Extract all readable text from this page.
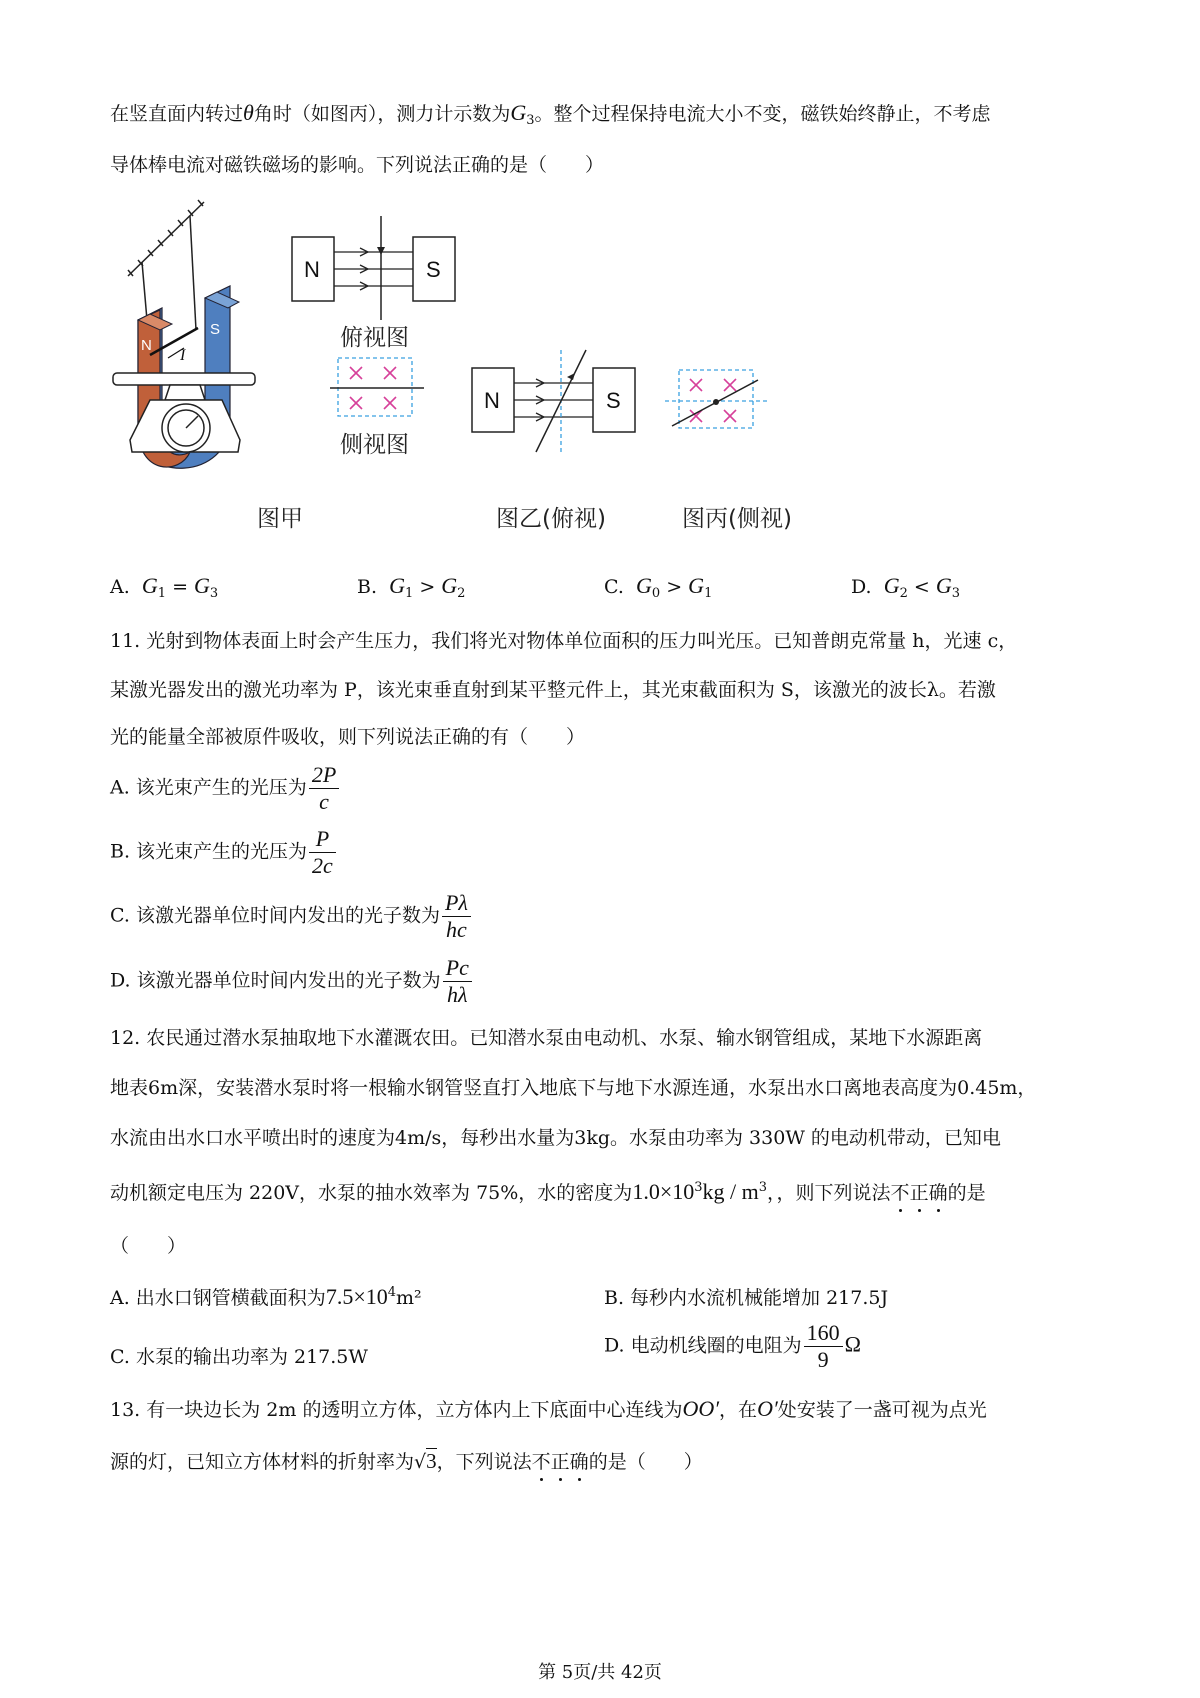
在竖直面内转过θ角时（如图丙），测力计示数为$G_3$。整个过程保持电流大小不变，磁铁始终静止，不考虑
导体棒电流对磁铁磁场的影响。下列说法正确的是（　　）
N
S
I
N	S
N	S
俯视图
侧视图
图甲	图乙(俯视)	图丙(侧视)
A. $G_1 = G_3$	B. $G_1 > G_2$	C. $G_0 > G_1$	D. $G_2 < G_3$
11. 光射到物体表面上时会产生压力，我们将光对物体单位面积的压力叫光压。已知普朗克常量 h，光速 c，
某激光器发出的激光功率为 P，该光束垂直射到某平整元件上，其光束截面积为 S，该激光的波长λ。若激
光的能量全部被原件吸收，则下列说法正确的有（　　）
A. 该光束产生的光压为 $\frac{2P}{c}$
B. 该光束产生的光压为 $\frac{P}{2c}$
C. 该激光器单位时间内发出的光子数为 $\frac{P\lambda}{hc}$
D. 该激光器单位时间内发出的光子数为 $\frac{Pc}{h\lambda}$
12. 农民通过潜水泵抽取地下水灌溉农田。已知潜水泵由电动机、水泵、输水钢管组成，某地下水源距离
地表6m深，安装潜水泵时将一根输水钢管竖直打入地底下与地下水源连通，水泵出水口离地表高度为0.45m，
水流由出水口水平喷出时的速度为4m/s，每秒出水量为3kg。水泵由功率为 330W 的电动机带动，已知电
动机额定电压为 220V，水泵的抽水效率为 75%，水的密度为$1.0\times 10^3kg / m^3$，，则下列说法不正确的是
（　　）
A. 出水口钢管横截面积为$7.5\times 10^4m^2$	B. 每秒内水流机械能增加 217.5J
C. 水泵的输出功率为 217.5W
D. 电动机线圈的电阻为 $\frac{160}{9}$ Ω
13. 有一块边长为 2m 的透明立方体，立方体内上下底面中心连线为OO′，在O′处安装了一盏可视为点光
源的灯，已知立方体材料的折射率为√3，下列说法不正确的是（　　）
第 5页/共 42页
